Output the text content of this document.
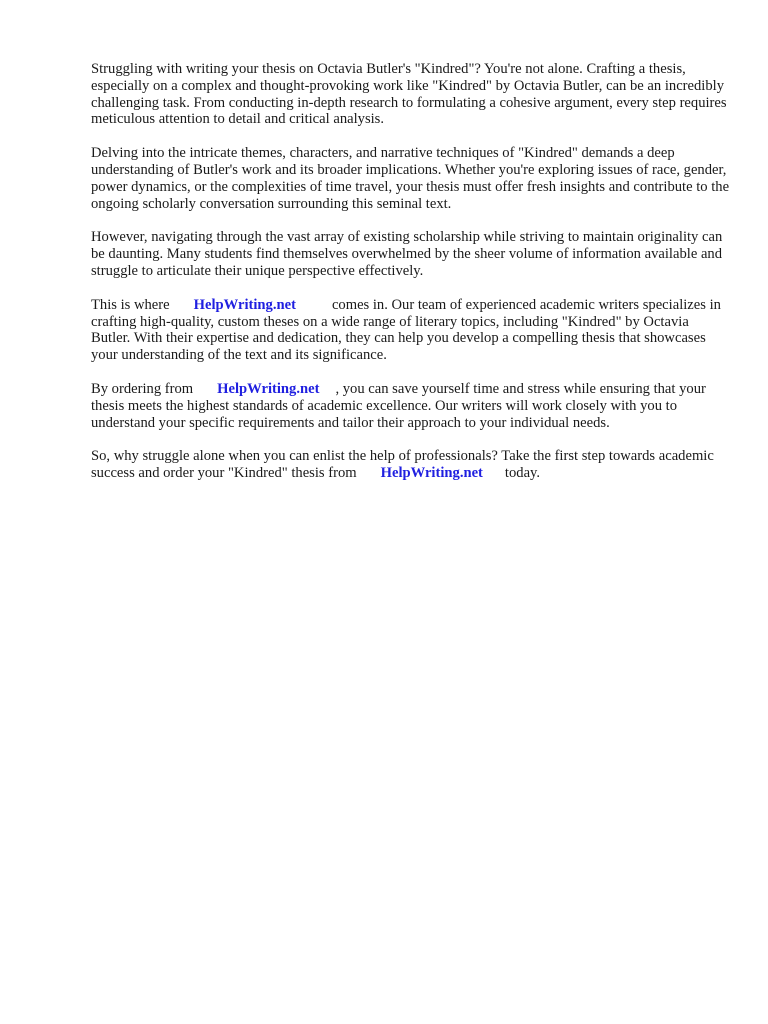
Struggling with writing your thesis on Octavia Butler's "Kindred"? You're not alone. Crafting a thesis, especially on a complex and thought-provoking work like "Kindred" by Octavia Butler, can be an incredibly challenging task. From conducting in-depth research to formulating a cohesive argument, every step requires meticulous attention to detail and critical analysis.

Delving into the intricate themes, characters, and narrative techniques of "Kindred" demands a deep understanding of Butler's work and its broader implications. Whether you're exploring issues of race, gender, power dynamics, or the complexities of time travel, your thesis must offer fresh insights and contribute to the ongoing scholarly conversation surrounding this seminal text.

However, navigating through the vast array of existing scholarship while striving to maintain originality can be daunting. Many students find themselves overwhelmed by the sheer volume of information available and struggle to articulate their unique perspective effectively.

This is where HelpWriting.net comes in. Our team of experienced academic writers specializes in crafting high-quality, custom theses on a wide range of literary topics, including "Kindred" by Octavia Butler. With their expertise and dedication, they can help you develop a compelling thesis that showcases your understanding of the text and its significance.

By ordering from HelpWriting.net , you can save yourself time and stress while ensuring that your thesis meets the highest standards of academic excellence. Our writers will work closely with you to understand your specific requirements and tailor their approach to your individual needs.

So, why struggle alone when you can enlist the help of professionals? Take the first step towards academic success and order your "Kindred" thesis from HelpWriting.net today.
